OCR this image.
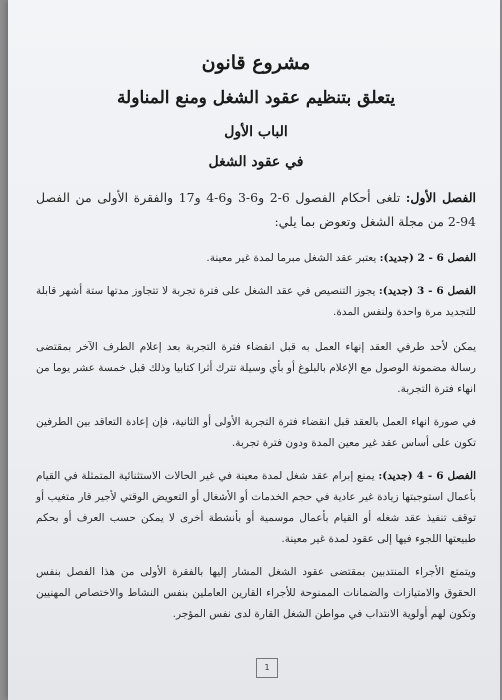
مشروع قانون
يتعلق بتنظيم عقود الشغل ومنع المناولة
الباب الأول
في عقود الشغل

الفصل الأول: تلغى أحكام الفصول 6-2 و6-3 و6-4 و17 والفقرة الأولى من الفصل 94-2 من مجلة الشغل وتعوض بما يلي:

الفصل 6 - 2 (جديد): يعتبر عقد الشغل مبرما لمدة غير معينة.

الفصل 6 - 3 (جديد): يجوز التنصيص في عقد الشغل على فترة تجربة لا تتجاوز مدتها ستة أشهر قابلة للتجديد مرة واحدة ولنفس المدة.

يمكن لأحد طرفي العقد إنهاء العمل به قبل انقضاء فترة التجربة بعد إعلام الطرف الآخر بمقتضى رسالة مضمونة الوصول مع الإعلام بالبلوغ أو بأي وسيلة تترك أثرا كتابيا وذلك قبل خمسة عشر يوما من انهاء فترة التجربة.

في صورة انهاء العمل بالعقد قبل انقضاء فترة التجربة الأولى أو الثانية، فإن إعادة التعاقد بين الطرفين تكون على أساس عقد غير معين المدة ودون فترة تجربة.

الفصل 6 - 4 (جديد): يمنع إبرام عقد شغل لمدة معينة في غير الحالات الاستثنائية المتمثلة في القيام بأعمال استوجبتها زيادة غير عادية في حجم الخدمات أو الأشغال أو التعويض الوقتي لأجير قار متغيب أو توقف تنفيذ عقد شغله أو القيام بأعمال موسمية أو بأنشطة أخرى لا يمكن حسب العرف أو بحكم طبيعتها اللجوء فيها إلى عقود لمدة غير معينة.

ويتمتع الأجراء المنتدبين بمقتضى عقود الشغل المشار إليها بالفقرة الأولى من هذا الفصل بنفس الحقوق والامتيازات والضمانات الممنوحة للأجراء القارين العاملين بنفس النشاط والاختصاص المهنيين وتكون لهم أولوية الانتداب في مواطن الشغل القارة لدى نفس المؤجر.

1
